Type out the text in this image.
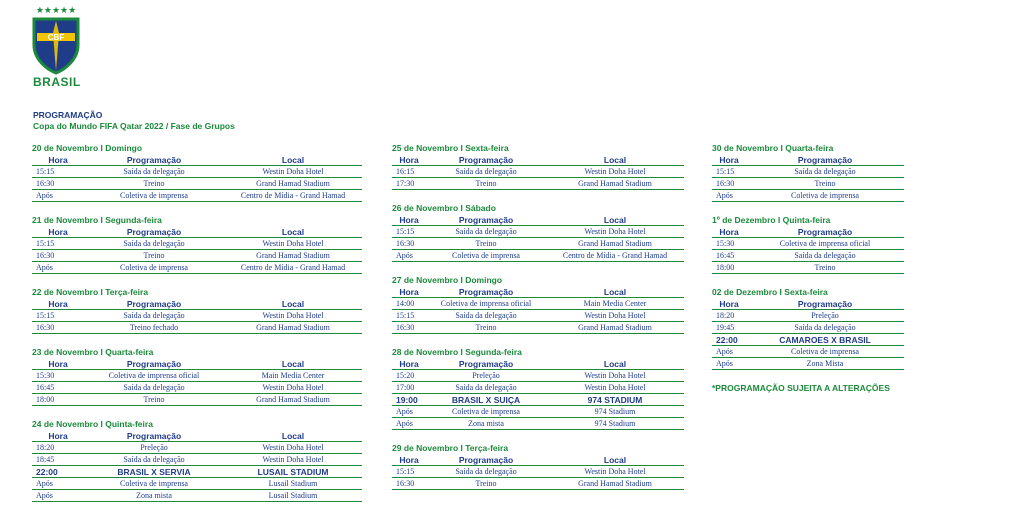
★★★★★
CBF
BRASIL
PROGRAMAÇÃO
Copa do Mundo FIFA Qatar 2022 / Fase de Grupos
20 de Novembro I Domingo
Hora	Programação	Local
15:15	Saída da delegação	Westin Doha Hotel
16:30	Treino	Grand Hamad Stadium
Após	Coletiva de imprensa	Centro de Mídia - Grand Hamad
21 de Novembro I Segunda-feira
Hora	Programação	Local
15:15	Saída da delegação	Westin Doha Hotel
16:30	Treino	Grand Hamad Stadium
Após	Coletiva de imprensa	Centro de Mídia - Grand Hamad
22 de Novembro I Terça-feira
Hora	Programação	Local
15:15	Saída da delegação	Westin Doha Hotel
16:30	Treino fechado	Grand Hamad Stadium
23 de Novembro I Quarta-feira
Hora	Programação	Local
15:30	Coletiva de imprensa oficial	Main Media Center
16:45	Saída da delegação	Westin Doha Hotel
18:00	Treino	Grand Hamad Stadium
24 de Novembro I Quinta-feira
Hora	Programação	Local
18:20	Preleção	Westin Doha Hotel
18:45	Saída da delegação	Westin Doha Hotel
22:00	BRASIL X SERVIA	LUSAIL STADIUM
Após	Coletiva de imprensa	Lusail Stadium
Após	Zona mista	Lusail Stadium
25 de Novembro I Sexta-feira
Hora	Programação	Local
16:15	Saída da delegação	Westin Doha Hotel
17:30	Treino	Grand Hamad Stadium
26 de Novembro I Sábado
Hora	Programação	Local
15:15	Saída da delegação	Westin Doha Hotel
16:30	Treino	Grand Hamad Stadium
Após	Coletiva de imprensa	Centro de Mídia - Grand Hamad
27 de Novembro I Domingo
Hora	Programação	Local
14:00	Coletiva de imprensa oficial	Main Media Center
15:15	Saída da delegação	Westin Doha Hotel
16:30	Treino	Grand Hamad Stadium
28 de Novembro I Segunda-feira
Hora	Programação	Local
15:20	Preleção	Westin Doha Hotel
17:00	Saída da delegação	Westin Doha Hotel
19:00	BRASIL X SUIÇA	974 STADIUM
Após	Coletiva de imprensa	974 Stadium
Após	Zona mista	974 Stadium
29 de Novembro I Terça-feira
Hora	Programação	Local
15:15	Saída da delegação	Westin Doha Hotel
16:30	Treino	Grand Hamad Stadium
30 de Novembro I Quarta-feira
Hora	Programação
15:15	Saída da delegação
16:30	Treino
Após	Coletiva de imprensa
1º de Dezembro I Quinta-feira
Hora	Programação
15:30	Coletiva de imprensa oficial
16:45	Saída da delegação
18:00	Treino
02 de Dezembro I Sexta-feira
Hora	Programação
18:20	Preleção
19:45	Saída da delegação
22:00	CAMAROES X BRASIL
Após	Coletiva de imprensa
Após	Zona Mista
*PROGRAMAÇÃO SUJEITA A ALTERAÇÕES
